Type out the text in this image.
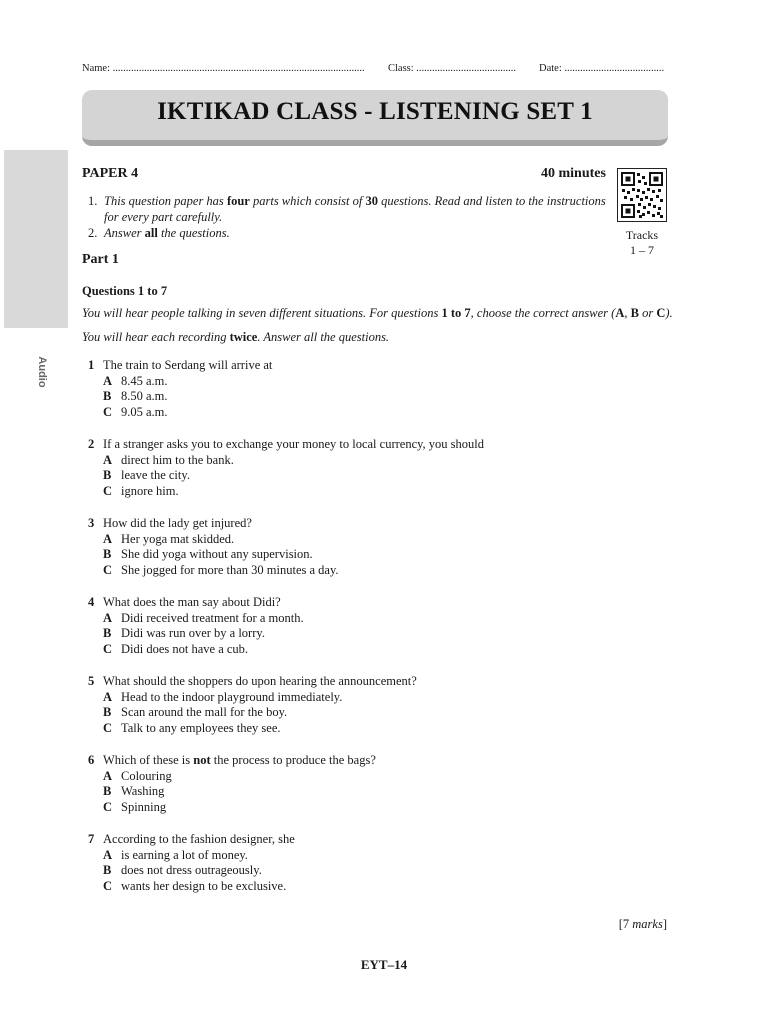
Audio
Name: ................................................................................................ Class: ...................................... Date: ......................................
IKTIKAD CLASS - LISTENING SET 1
PAPER 4	40 minutes
Tracks
1 – 7
1. This question paper has four parts which consist of 30 questions. Read and listen to the instructions
for every part carefully.
2. Answer all the questions.
Part 1
Questions 1 to 7
You will hear people talking in seven different situations. For questions 1 to 7, choose the correct answer (A, B or C).
You will hear each recording twice. Answer all the questions.
1 The train to Serdang will arrive at
A 8.45 a.m.
B 8.50 a.m.
C 9.05 a.m.
2 If a stranger asks you to exchange your money to local currency, you should
A direct him to the bank.
B leave the city.
C ignore him.
3 How did the lady get injured?
A Her yoga mat skidded.
B She did yoga without any supervision.
C She jogged for more than 30 minutes a day.
4 What does the man say about Didi?
A Didi received treatment for a month.
B Didi was run over by a lorry.
C Didi does not have a cub.
5 What should the shoppers do upon hearing the announcement?
A Head to the indoor playground immediately.
B Scan around the mall for the boy.
C Talk to any employees they see.
6 Which of these is not the process to produce the bags?
A Colouring
B Washing
C Spinning
7 According to the fashion designer, she
A is earning a lot of money.
B does not dress outrageously.
C wants her design to be exclusive.
[7 marks]
EYT–14
